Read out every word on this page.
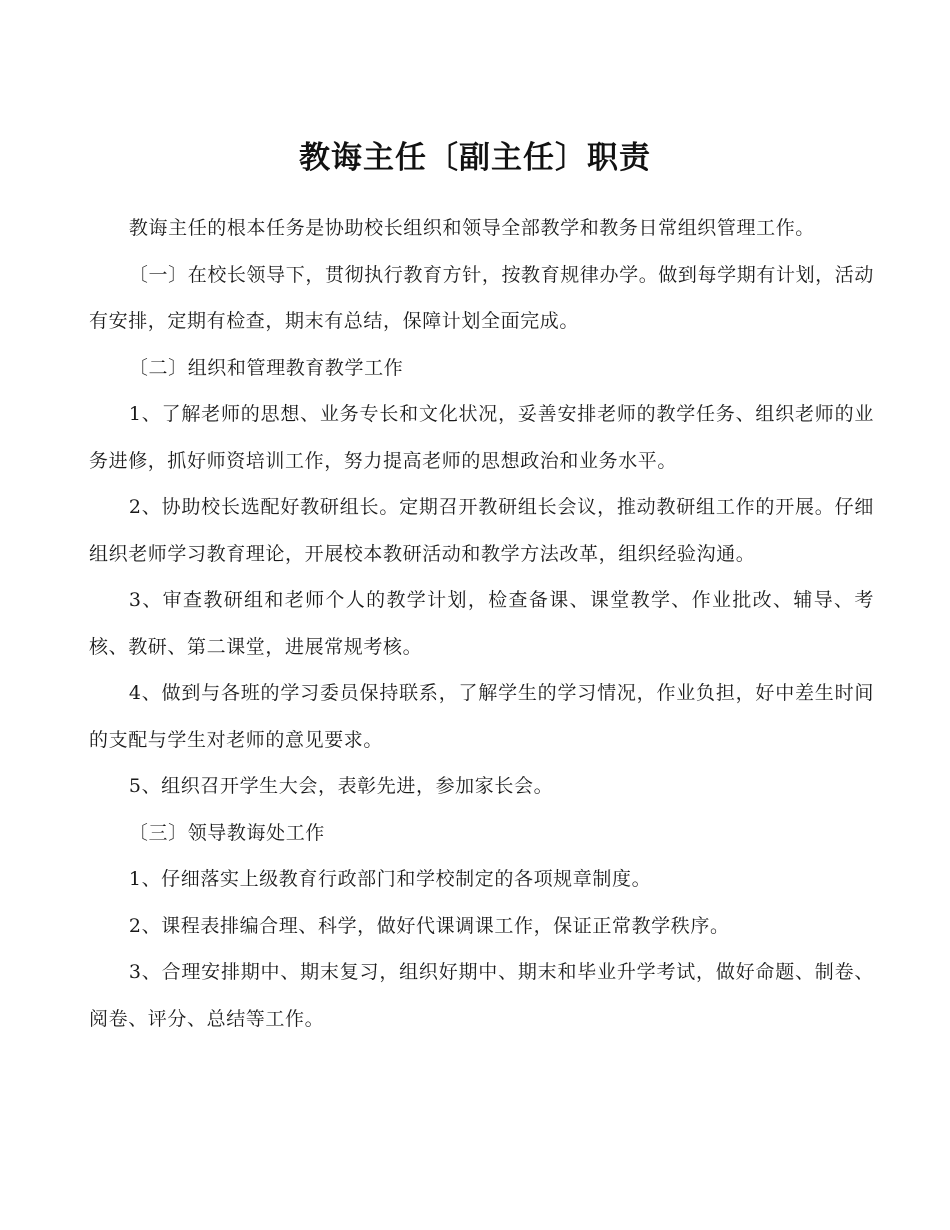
教诲主任〔副主任〕职责

教诲主任的根本任务是协助校长组织和领导全部教学和教务日常组织管理工作。

〔一〕在校长领导下，贯彻执行教育方针，按教育规律办学。做到每学期有计划，活动有安排，定期有检查，期末有总结，保障计划全面完成。

〔二〕组织和管理教育教学工作

1、了解老师的思想、业务专长和文化状况，妥善安排老师的教学任务、组织老师的业务进修，抓好师资培训工作，努力提高老师的思想政治和业务水平。

2、协助校长选配好教研组长。定期召开教研组长会议，推动教研组工作的开展。仔细组织老师学习教育理论，开展校本教研活动和教学方法改革，组织经验沟通。

3、审查教研组和老师个人的教学计划，检查备课、课堂教学、作业批改、辅导、考核、教研、第二课堂，进展常规考核。

4、做到与各班的学习委员保持联系，了解学生的学习情况，作业负担，好中差生时间的支配与学生对老师的意见要求。

5、组织召开学生大会，表彰先进，参加家长会。

〔三〕领导教诲处工作

1、仔细落实上级教育行政部门和学校制定的各项规章制度。

2、课程表排编合理、科学，做好代课调课工作，保证正常教学秩序。

3、合理安排期中、期末复习，组织好期中、期末和毕业升学考试，做好命题、制卷、阅卷、评分、总结等工作。
